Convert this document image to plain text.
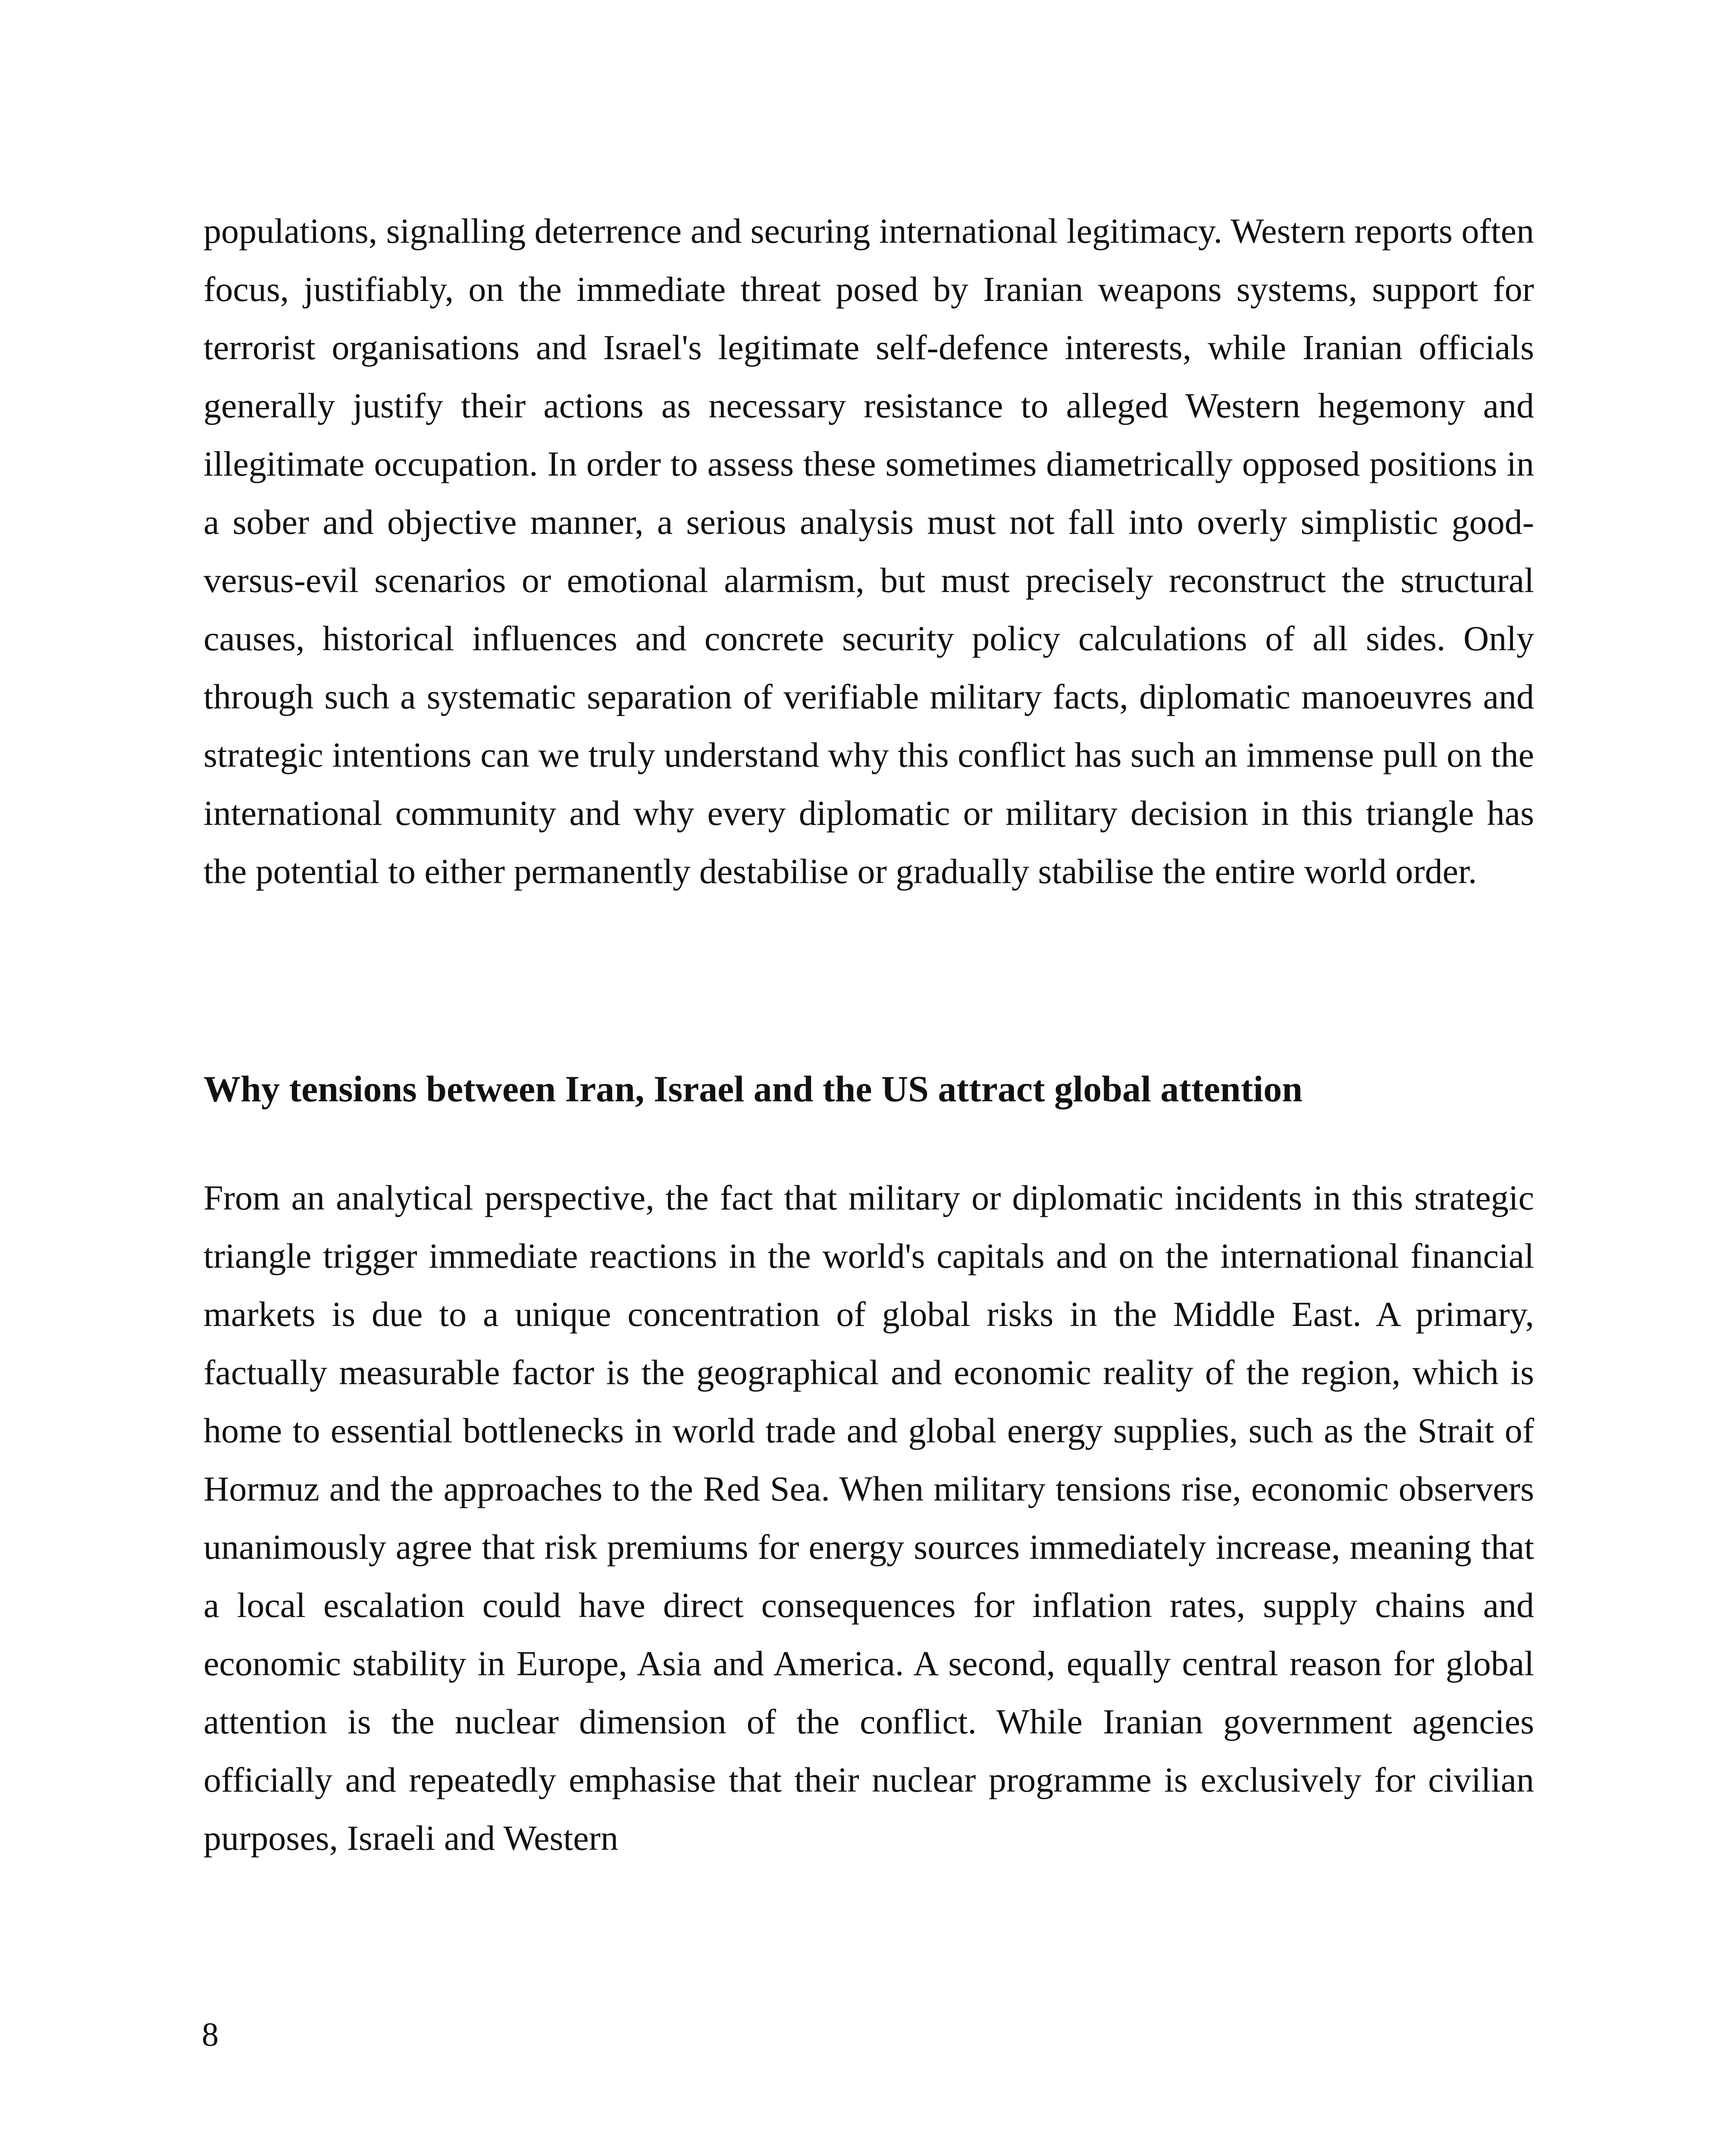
populations, signalling deterrence and securing international legitimacy. Western reports often focus, justifiably, on the immediate threat posed by Iranian weapons systems, support for terrorist organisations and Israel's legitimate self-defence interests, while Iranian officials generally justify their actions as necessary resistance to alleged Western hegemony and illegitimate occupation. In order to assess these sometimes diametrically opposed positions in a sober and objective manner, a serious analysis must not fall into overly simplistic good-versus-evil scenarios or emotional alarmism, but must precisely reconstruct the structural causes, historical influences and concrete security policy calculations of all sides. Only through such a systematic separation of verifiable military facts, diplomatic manoeuvres and strategic intentions can we truly understand why this conflict has such an immense pull on the international community and why every diplomatic or military decision in this triangle has the potential to either permanently destabilise or gradually stabilise the entire world order.

Why tensions between Iran, Israel and the US attract global attention

From an analytical perspective, the fact that military or diplomatic incidents in this strategic triangle trigger immediate reactions in the world's capitals and on the international financial markets is due to a unique concentration of global risks in the Middle East. A primary, factually measurable factor is the geographical and economic reality of the region, which is home to essential bottlenecks in world trade and global energy supplies, such as the Strait of Hormuz and the approaches to the Red Sea. When military tensions rise, economic observers unanimously agree that risk premiums for energy sources immediately increase, meaning that a local escalation could have direct consequences for inflation rates, supply chains and economic stability in Europe, Asia and America. A second, equally central reason for global attention is the nuclear dimension of the conflict. While Iranian government agencies officially and repeatedly emphasise that their nuclear programme is exclusively for civilian purposes, Israeli and Western

8
